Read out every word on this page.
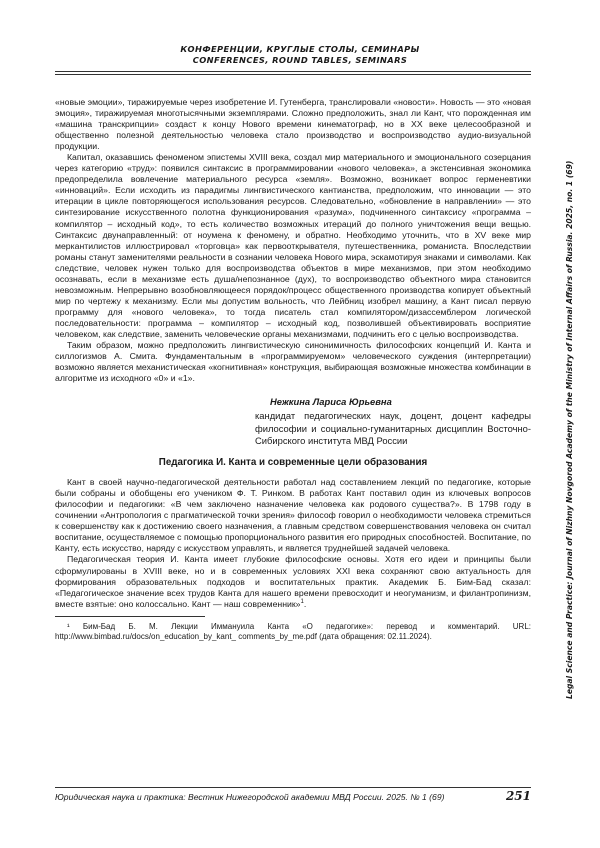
КОНФЕРЕНЦИИ, КРУГЛЫЕ СТОЛЫ, СЕМИНАРЫ
CONFERENCES, ROUND TABLES, SEMINARS

«новые эмоции», тиражируемые через изобретение И. Гутенберга, транслировали «новости». Новость — это «новая эмоция», тиражируемая многотысячными экземплярами. Сложно предположить, знал ли Кант, что порожденная им «машина транскрипции» создаст к концу Нового времени кинематограф, но в ХХ веке целесообразной и общественно полезной деятельностью человека стало производство и воспроизводство аудио-визуальной продукции.

Капитал, оказавшись феноменом эпистемы XVIII века, создал мир материального и эмоционального созерцания через категорию «труд»: появился синтаксис в программировании «нового человека», а экстенсивная экономика предопределила вовлечение материального ресурса «земля». Возможно, возникает вопрос герменевтики «инноваций». Если исходить из парадигмы лингвистического кантианства, предположим, что инновации — это итерации в цикле повторяющегося использования ресурсов. Следовательно, «обновление в направлении» — это синтезирование искусственного полотна функционирования «разума», подчиненного синтаксису «программа – компилятор – исходный код», то есть количество возможных итераций до полного уничтожения вещи вещью. Синтаксис двунаправленный: от ноумена к феномену, и обратно. Необходимо уточнить, что в XV веке мир меркантилистов иллюстрировал «торговца» как первооткрывателя, путешественника, романиста. Впоследствии романы станут заменителями реальности в сознании человека Нового мира, эскамотируя знаками и символами. Как следствие, человек нужен только для воспроизводства объектов в мире механизмов, при этом необходимо осознавать, если в механизме есть душа/непознанное (дух), то воспроизводство объектного мира становится невозможным. Непрерывно возобновляющееся порядок/процесс общественного производства копирует объектный мир по чертежу к механизму. Если мы допустим вольность, что Лейбниц изобрел машину, а Кант писал первую программу для «нового человека», то тогда писатель стал компилятором/дизассемблером логической последовательности: программа – компилятор – исходный код, позволившей объективировать восприятие человеком, как следствие, заменить человеческие органы механизмами, подчинить его с целью воспроизводства.

Таким образом, можно предположить лингвистическую синонимичность философских концепций И. Канта и силлогизмов А. Смита. Фундаментальным в «программируемом» человеческого суждения (интерпретации) возможно является механистическая «когнитивная» конструкция, выбирающая возможные множества комбинации в алгоритме из исходного «0» и «1».

Нежкина Лариса Юрьевна
кандидат педагогических наук, доцент, доцент кафедры философии и социально-гуманитарных дисциплин Восточно-Сибирского института МВД России
Педагогика И. Канта и современные цели образования

Кант в своей научно-педагогической деятельности работал над составлением лекций по педагогике, которые были собраны и обобщены его учеником Ф. Т. Ринком. В работах Кант поставил один из ключевых вопросов философии и педагогики: «В чем заключено назначение человека как родового существа?». В 1798 году в сочинении «Антропология с прагматической точки зрения» философ говорил о необходимости человека стремиться к совершенству как к достижению своего назначения, а главным средством совершенствования человека он считал воспитание, осуществляемое с помощью пропорционального развития его природных способностей. Воспитание, по Канту, есть искусство, наряду с искусством управлять, и является труднейшей задачей человека.

Педагогическая теория И. Канта имеет глубокие философские основы. Хотя его идеи и принципы были сформулированы в XVIII веке, но и в современных условиях XXI века сохраняют свою актуальность для формирования образовательных подходов и воспитательных практик. Академик Б. Бим-Бад сказал: «Педагогическое значение всех трудов Канта для нашего времени превосходит и неогуманизм, и филантропинизм, вместе взятые: оно колоссально. Кант — наш современник»$^1$.

¹ Бим-Бад Б. М. Лекции Иммануила Канта «О педагогике»: перевод и комментарий. URL: http://www.bimbad.ru/docs/on_education_by_kant_ comments_by_me.pdf (дата обращения: 02.11.2024).	Legal Science and Practice: Journal of Nizhny Novgorod Academy of the Ministry of Internal Affairs of Russia. 2025, no. 1 (69)
Юридическая наука и практика: Вестник Нижегородской академии МВД России. 2025. № 1 (69)	251
